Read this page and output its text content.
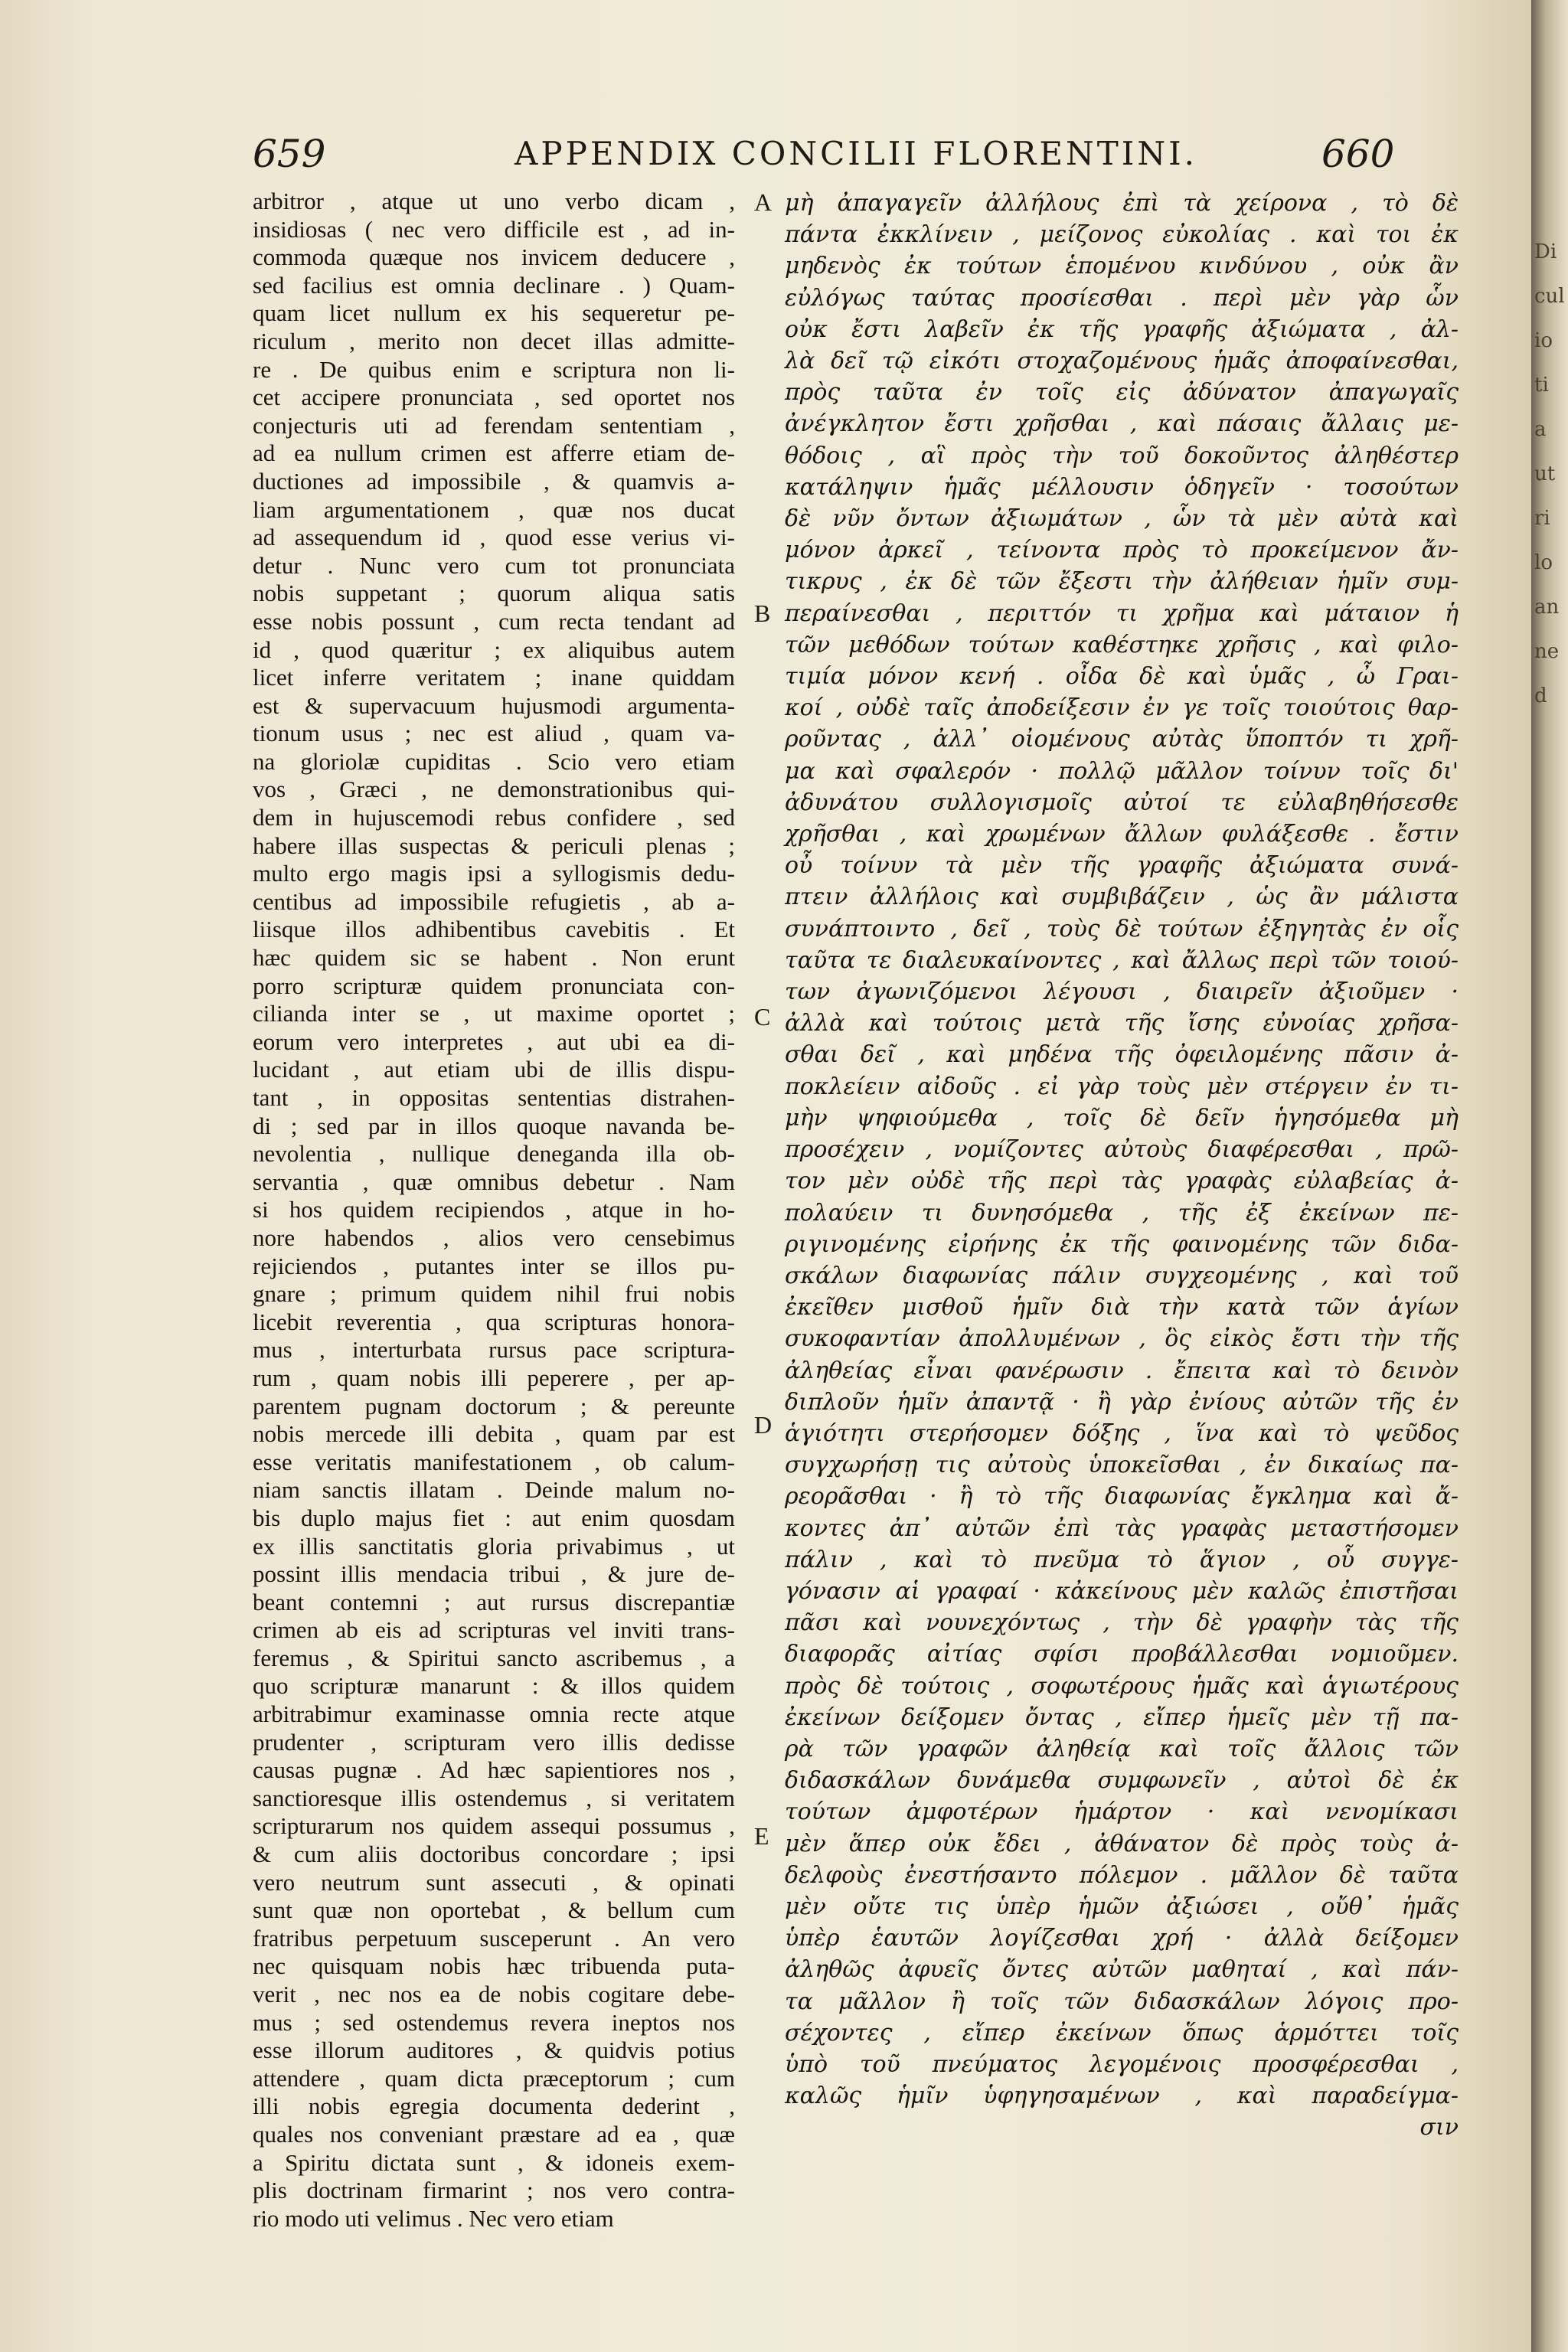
659	APPENDIX CONCILII FLORENTINI.	660
arbitror , atque ut uno verbo dicam ,
insidiosas ( nec vero difficile est , ad in-
commoda quæque nos invicem deducere ,
sed facilius est omnia declinare . ) Quam-
quam licet nullum ex his sequeretur pe-
riculum , merito non decet illas admitte-
re . De quibus enim e scriptura non li-
cet accipere pronunciata , sed oportet nos
conjecturis uti ad ferendam sententiam ,
ad ea nullum crimen est afferre etiam de-
ductiones ad impossibile , & quamvis a-
liam argumentationem , quæ nos ducat
ad assequendum id , quod esse verius vi-
detur . Nunc vero cum tot pronunciata
nobis suppetant ; quorum aliqua satis
esse nobis possunt , cum recta tendant ad
id , quod quæritur ; ex aliquibus autem
licet inferre veritatem ; inane quiddam
est & supervacuum hujusmodi argumenta-
tionum usus ; nec est aliud , quam va-
na gloriolæ cupiditas . Scio vero etiam
vos , Græci , ne demonstrationibus qui-
dem in hujuscemodi rebus confidere , sed
habere illas suspectas & periculi plenas ;
multo ergo magis ipsi a syllogismis dedu-
centibus ad impossibile refugietis , ab a-
liisque illos adhibentibus cavebitis . Et
hæc quidem sic se habent . Non erunt
porro scripturæ quidem pronunciata con-
cilianda inter se , ut maxime oportet ;
eorum vero interpretes , aut ubi ea di-
lucidant , aut etiam ubi de illis dispu-
tant , in oppositas sententias distrahen-
di ; sed par in illos quoque navanda be-
nevolentia , nullique deneganda illa ob-
servantia , quæ omnibus debetur . Nam
si hos quidem recipiendos , atque in ho-
nore habendos , alios vero censebimus
rejiciendos , putantes inter se illos pu-
gnare ; primum quidem nihil frui nobis
licebit reverentia , qua scripturas honora-
mus , interturbata rursus pace scriptura-
rum , quam nobis illi peperere , per ap-
parentem pugnam doctorum ; & pereunte
nobis mercede illi debita , quam par est
esse veritatis manifestationem , ob calum-
niam sanctis illatam . Deinde malum no-
bis duplo majus fiet : aut enim quosdam
ex illis sanctitatis gloria privabimus , ut
possint illis mendacia tribui , & jure de-
beant contemni ; aut rursus discrepantiæ
crimen ab eis ad scripturas vel inviti trans-
feremus , & Spiritui sancto ascribemus , a
quo scripturæ manarunt : & illos quidem
arbitrabimur examinasse omnia recte atque
prudenter , scripturam vero illis dedisse
causas pugnæ . Ad hæc sapientiores nos ,
sanctioresque illis ostendemus , si veritatem
scripturarum nos quidem assequi possumus ,
& cum aliis doctoribus concordare ; ipsi
vero neutrum sunt assecuti , & opinati
sunt quæ non oportebat , & bellum cum
fratribus perpetuum susceperunt . An vero
nec quisquam nobis hæc tribuenda puta-
verit , nec nos ea de nobis cogitare debe-
mus ; sed ostendemus revera ineptos nos
esse illorum auditores , & quidvis potius
attendere , quam dicta præceptorum ; cum
illi nobis egregia documenta dederint ,
quales nos conveniant præstare ad ea , quæ
a Spiritu dictata sunt , & idoneis exem-
plis doctrinam firmarint ; nos vero contra-
rio modo uti velimus . Nec vero etiam
A
B
C
D
E
μὴ ἀπαγαγεῖν ἀλλήλους ἐπὶ τὰ χείρονα , τὸ δὲ
πάντα ἐκκλίνειν , μείζονος εὐκολίας . καὶ τοι ἐκ
μηδενὸς ἐκ τούτων ἑπομένου κινδύνου , οὐκ ἂν
εὐλόγως ταύτας προσίεσθαι . περὶ μὲν γὰρ ὧν
οὐκ ἔστι λαβεῖν ἐκ τῆς γραφῆς ἀξιώματα , ἀλ-
λὰ δεῖ τῷ εἰκότι στοχαζομένους ἡμᾶς ἀποφαίνεσθαι,
πρὸς ταῦτα ἐν τοῖς εἰς ἀδύνατον ἀπαγωγαῖς
ἀνέγκλητον ἔστι χρῆσθαι , καὶ πάσαις ἄλλαις με-
θόδοις , αἳ πρὸς τὴν τοῦ δοκοῦντος ἀληθέστερ
κατάληψιν ἡμᾶς μέλλουσιν ὁδηγεῖν · τοσούτων
δὲ νῦν ὄντων ἀξιωμάτων , ὧν τὰ μὲν αὐτὰ καὶ
μόνον ἀρκεῖ , τείνοντα πρὸς τὸ προκείμενον ἄν-
τικρυς , ἐκ δὲ τῶν ἔξεστι τὴν ἀλήθειαν ἡμῖν συμ-
περαίνεσθαι , περιττόν τι χρῆμα καὶ μάταιον ἡ
τῶν μεθόδων τούτων καθέστηκε χρῆσις , καὶ φιλο-
τιμία μόνον κενή . οἶδα δὲ καὶ ὑμᾶς , ὦ Γραι-
κοί , οὐδὲ ταῖς ἀποδείξεσιν ἐν γε τοῖς τοιούτοις θαρ-
ροῦντας , ἀλλ᾽ οἰομένους αὐτὰς ὕποπτόν τι χρῆ-
μα καὶ σφαλερόν · πολλῷ μᾶλλον τοίνυν τοῖς δι'
ἀδυνάτου συλλογισμοῖς αὐτοί τε εὐλαβηθήσεσθε
χρῆσθαι , καὶ χρωμένων ἄλλων φυλάξεσθε . ἔστιν
οὖ τοίνυν τὰ μὲν τῆς γραφῆς ἀξιώματα συνά-
πτειν ἀλλήλοις καὶ συμβιβάζειν , ὡς ἂν μάλιστα
συνάπτοιντο , δεῖ , τοὺς δὲ τούτων ἐξηγητὰς ἐν οἷς
ταῦτα τε διαλευκαίνοντες , καὶ ἄλλως περὶ τῶν τοιού-
των ἀγωνιζόμενοι λέγουσι , διαιρεῖν ἀξιοῦμεν ·
ἀλλὰ καὶ τούτοις μετὰ τῆς ἴσης εὐνοίας χρῆσα-
σθαι δεῖ , καὶ μηδένα τῆς ὀφειλομένης πᾶσιν ἀ-
ποκλείειν αἰδοῦς . εἰ γὰρ τοὺς μὲν στέργειν ἐν τι-
μὴν ψηφιούμεθα , τοῖς δὲ δεῖν ἡγησόμεθα μὴ
προσέχειν , νομίζοντες αὐτοὺς διαφέρεσθαι , πρῶ-
τον μὲν οὐδὲ τῆς περὶ τὰς γραφὰς εὐλαβείας ἀ-
πολαύειν τι δυνησόμεθα , τῆς ἐξ ἐκείνων πε-
ριγινομένης εἰρήνης ἐκ τῆς φαινομένης τῶν διδα-
σκάλων διαφωνίας πάλιν συγχεομένης , καὶ τοῦ
ἐκεῖθεν μισθοῦ ἡμῖν διὰ τὴν κατὰ τῶν ἁγίων
συκοφαντίαν ἀπολλυμένων , ὃς εἰκὸς ἔστι τὴν τῆς
ἀληθείας εἶναι φανέρωσιν . ἔπειτα καὶ τὸ δεινὸν
διπλοῦν ἡμῖν ἀπαντᾷ · ἢ γὰρ ἐνίους αὐτῶν τῆς ἐν
ἁγιότητι στερήσομεν δόξης , ἵνα καὶ τὸ ψεῦδος
συγχωρήσῃ τις αὐτοὺς ὑποκεῖσθαι , ἐν δικαίως πα-
ρεορᾶσθαι · ἢ τὸ τῆς διαφωνίας ἔγκλημα καὶ ἄ-
κοντες ἀπ᾽ αὐτῶν ἐπὶ τὰς γραφὰς μεταστήσομεν
πάλιν , καὶ τὸ πνεῦμα τὸ ἅγιον , οὗ συγγε-
γόνασιν αἱ γραφαί · κἀκείνους μὲν καλῶς ἐπιστῆσαι
πᾶσι καὶ νουνεχόντως , τὴν δὲ γραφὴν τὰς τῆς
διαφορᾶς αἰτίας σφίσι προβάλλεσθαι νομιοῦμεν.
πρὸς δὲ τούτοις , σοφωτέρους ἡμᾶς καὶ ἁγιωτέρους
ἐκείνων δείξομεν ὄντας , εἴπερ ἡμεῖς μὲν τῇ πα-
ρὰ τῶν γραφῶν ἀληθείᾳ καὶ τοῖς ἄλλοις τῶν
διδασκάλων δυνάμεθα συμφωνεῖν , αὐτοὶ δὲ ἐκ
τούτων ἀμφοτέρων ἡμάρτον · καὶ νενομίκασι
μὲν ἅπερ οὐκ ἔδει , ἀθάνατον δὲ πρὸς τοὺς ἀ-
δελφοὺς ἐνεστήσαντο πόλεμον . μᾶλλον δὲ ταῦτα
μὲν οὔτε τις ὑπὲρ ἡμῶν ἀξιώσει , οὔθ᾽ ἡμᾶς
ὑπὲρ ἑαυτῶν λογίζεσθαι χρή · ἀλλὰ δείξομεν
ἀληθῶς ἀφυεῖς ὄντες αὐτῶν μαθηταί , καὶ πάν-
τα μᾶλλον ἢ τοῖς τῶν διδασκάλων λόγοις προ-
σέχοντες , εἴπερ ἐκείνων ὅπως ἁρμόττει τοῖς
ὑπὸ τοῦ πνεύματος λεγομένοις προσφέρεσθαι ,
καλῶς ἡμῖν ὑφηγησαμένων , καὶ παραδείγμα-
σιν
Di
cul
io
ti
a
ut
ri
lo
an
ne
d
